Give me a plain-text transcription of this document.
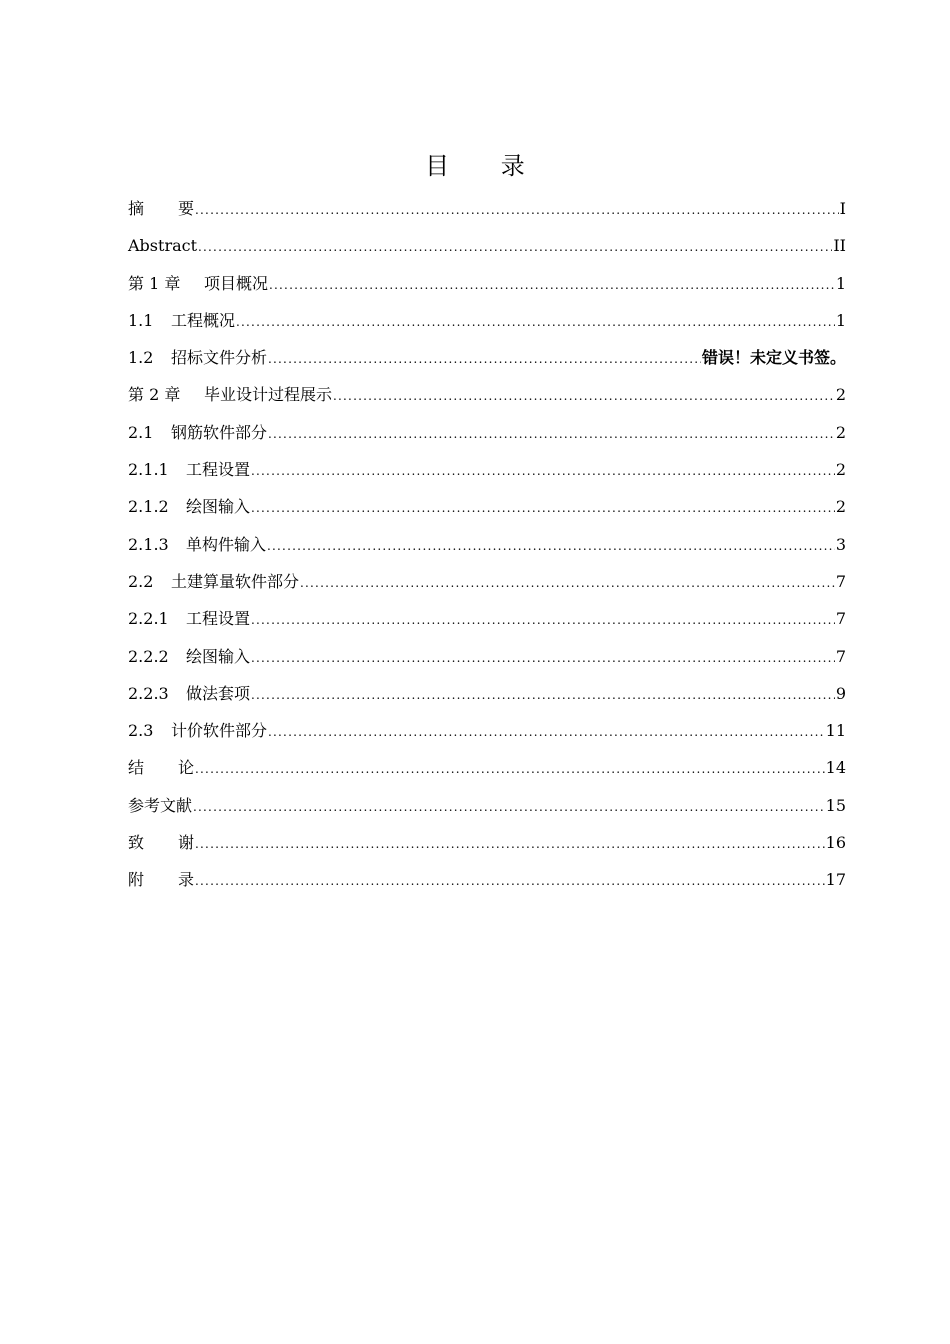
目 录
摘要 .....	I
Abstract .....	II
第 1 章 项目概况 .....	1
1.1 工程概况 .....	1
1.2 招标文件分析 .....	错误！未定义书签。
第 2 章 毕业设计过程展示 .....	2
2.1 钢筋软件部分 .....	2
2.1.1 工程设置 .....	2
2.1.2 绘图输入 .....	2
2.1.3 单构件输入 .....	3
2.2 土建算量软件部分 .....	7
2.2.1 工程设置 .....	7
2.2.2 绘图输入 .....	7
2.2.3 做法套项 .....	9
2.3 计价软件部分 .....	11
结论 .....	14
参考文献 .....	15
致谢 .....	16
附录 .....	17
